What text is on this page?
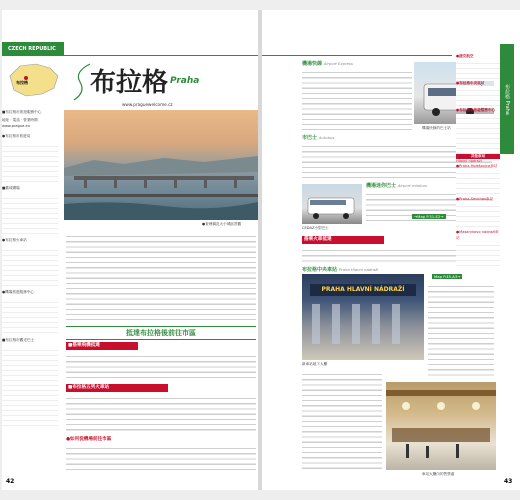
CZECH REPUBLIC
布拉格
■布拉格市旅遊服務中心
地址 · 電話 · 營業時間
www.prague.eu
●布拉格市旅遊局
■舊城廣場
●布拉格火車站
●機場旅遊服務中心
■布拉格市觀光巴士
布拉格 Praha
www.praguewelcome.cz
●查理橋及大小城區景觀
抵達布拉格後前往市區
■搭乘飛機抵達
■布拉格五列火車站
●如何從機場前往市區
42
布拉格 Praha
機場快線 Airport Express
機場快線的巴士站
市巴士 Autobus
CEDAZ小型巴士
機場迷你巴士 Airport minibus
→Map P.31-E2→
搭乘火車抵達
布拉格中央車站 Praha Hlavní nádraží
PRAHA HLAVNÍ NÁDRAŽÍ
新車站地下大廳
Map P.45-A3→
車站大廳內的售票處
43
●捷克航空
●布拉格中央車站
●布拉格市旅遊服務中心
其他車站
Hlavní nádraží
●Praha-Holešovice車站
●Praha-Smíchov車站
●Masarykovo nádraží車站
